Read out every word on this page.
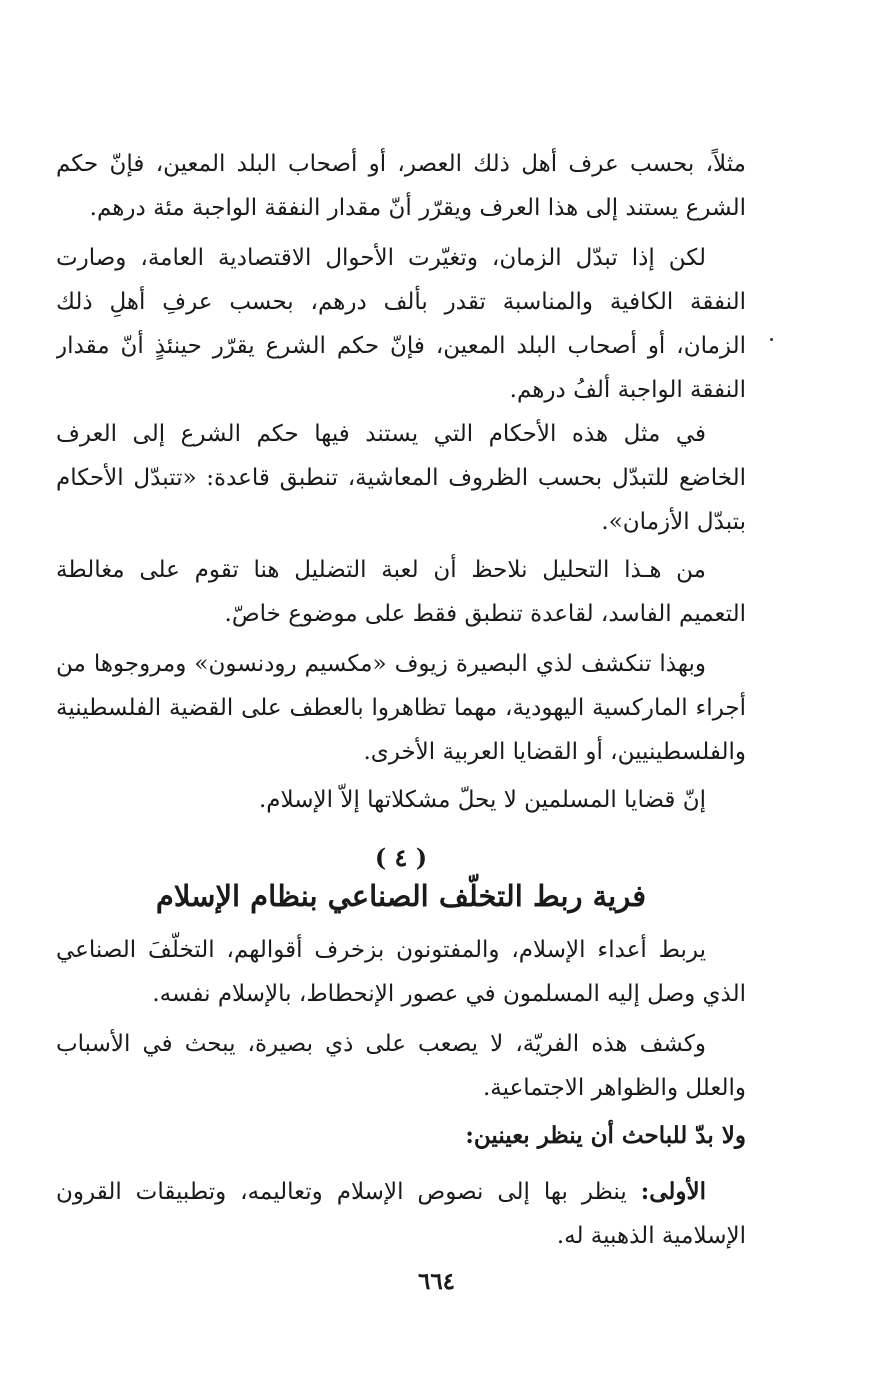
مثلاً، بحسب عرف أهل ذلك العصر، أو أصحاب البلد المعين، فإنّ حكم
الشرع يستند إلى هذا العرف ويقرّر أنّ مقدار النفقة الواجبة مئة درهم.
لكن إذا تبدّل الزمان، وتغيّرت الأحوال الاقتصادية العامة، وصارت
النفقة الكافية والمناسبة تقدر بألف درهم، بحسب عرفِ أهلِ ذلك
الزمان، أو أصحاب البلد المعين، فإنّ حكم الشرع يقرّر حينئذٍ أنّ مقدار
النفقة الواجبة ألفُ درهم.
في مثل هذه الأحكام التي يستند فيها حكم الشرع إلى العرف
الخاضع للتبدّل بحسب الظروف المعاشية، تنطبق قاعدة: «تتبدّل الأحكام
بتبدّل الأزمان».
من هـذا التحليل نلاحظ أن لعبة التضليل هنا تقوم على مغالطة
التعميم الفاسد، لقاعدة تنطبق فقط على موضوع خاصّ.
وبهذا تنكشف لذي البصيرة زيوف «مكسيم رودنسون» ومروجوها من
أجراء الماركسية اليهودية، مهما تظاهروا بالعطف على القضية الفلسطينية
والفلسطينيين، أو القضايا العربية الأخرى.
إنّ قضايا المسلمين لا يحلّ مشكلاتها إلاّ الإسلام.
( ٤ )
فرية ربط التخلّف الصناعي بنظام الإسلام
يربط أعداء الإسلام، والمفتونون بزخرف أقوالهم، التخلّفَ الصناعي
الذي وصل إليه المسلمون في عصور الإنحطاط، بالإسلام نفسه.
وكشف هذه الفريّة، لا يصعب على ذي بصيرة، يبحث في الأسباب
والعلل والظواهر الاجتماعية.
ولا بدّ للباحث أن ينظر بعينين:
الأولى: ينظر بها إلى نصوص الإسلام وتعاليمه، وتطبيقات القرون
الإسلامية الذهبية له.
٦٦٤
